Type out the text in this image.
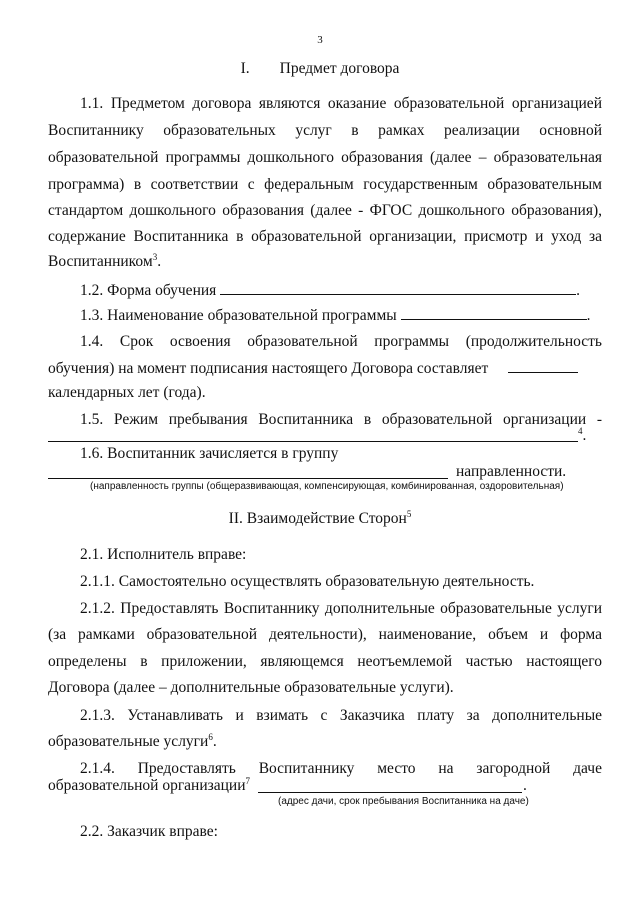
3
I. Предмет договора
1.1. Предметом договора являются оказание образовательной организацией
Воспитаннику образовательных услуг в рамках реализации основной
образовательной программы дошкольного образования (далее – образовательная
программа) в соответствии с федеральным государственным образовательным
стандартом дошкольного образования (далее - ФГОС дошкольного образования),
содержание Воспитанника в образовательной организации, присмотр и уход за
Воспитанником$^3$.
1.2. Форма обучения	.
1.3. Наименование образовательной программы	.
1.4. Срок освоения образовательной программы (продолжительность
обучения) на момент подписания настоящего Договора составляет
календарных лет (года).
1.5. Режим пребывания Воспитанника в образовательной организации -
$^4$.
1.6. Воспитанник зачисляется в группу
направленности.
(направленность группы (общеразвивающая, компенсирующая, комбинированная, оздоровительная)
II. Взаимодействие Сторон$^5$
2.1. Исполнитель вправе:
2.1.1. Самостоятельно осуществлять образовательную деятельность.
2.1.2. Предоставлять Воспитаннику дополнительные образовательные услуги
(за рамками образовательной деятельности), наименование, объем и форма
определены в приложении, являющемся неотъемлемой частью настоящего
Договора (далее – дополнительные образовательные услуги).
2.1.3. Устанавливать и взимать с Заказчика плату за дополнительные
образовательные услуги$^6$.
2.1.4. Предоставлять Воспитаннику место на загородной даче
образовательной организации$^7$	.
(адрес дачи, срок пребывания Воспитанника на даче)
2.2. Заказчик вправе:
